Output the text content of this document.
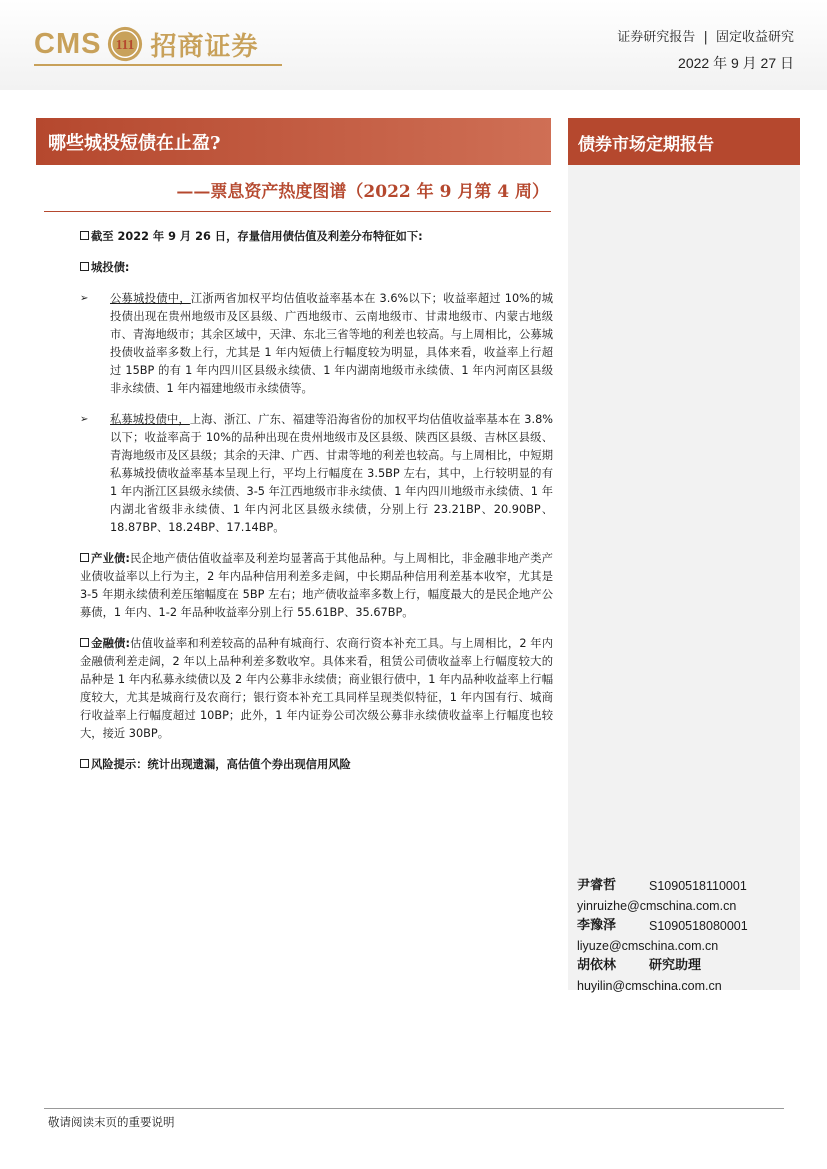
CMS 111 招商证券	证券研究报告 | 固定收益研究
2022 年 9 月 27 日
哪些城投短债在止盈?
——票息资产热度图谱（2022 年 9 月第 4 周）
债券市场定期报告

截至 2022 年 9 月 26 日，存量信用债估值及利差分布特征如下:

城投债:

➢ 公募城投债中，江浙两省加权平均估值收益率基本在 3.6%以下；收益率超过 10%的城投债出现在贵州地级市及区县级、广西地级市、云南地级市、甘肃地级市、内蒙古地级市、青海地级市；其余区域中，天津、东北三省等地的利差也较高。与上周相比，公募城投债收益率多数上行，尤其是 1 年内短债上行幅度较为明显，具体来看，收益率上行超过 15BP 的有 1 年内四川区县级永续债、1 年内湖南地级市永续债、1 年内河南区县级非永续债、1 年内福建地级市永续债等。
➢ 私募城投债中，上海、浙江、广东、福建等沿海省份的加权平均估值收益率基本在 3.8%以下；收益率高于 10%的品种出现在贵州地级市及区县级、陕西区县级、吉林区县级、青海地级市及区县级；其余的天津、广西、甘肃等地的利差也较高。与上周相比，中短期私募城投债收益率基本呈现上行，平均上行幅度在 3.5BP 左右，其中，上行较明显的有 1 年内浙江区县级永续债、3-5 年江西地级市非永续债、1 年内四川地级市永续债、1 年内湖北省级非永续债、1 年内河北区县级永续债，分别上行 23.21BP、20.90BP、18.87BP、18.24BP、17.14BP。

产业债:民企地产债估值收益率及利差均显著高于其他品种。与上周相比，非金融非地产类产业债收益率以上行为主，2 年内品种信用利差多走阔，中长期品种信用利差基本收窄，尤其是 3-5 年期永续债利差压缩幅度在 5BP 左右；地产债收益率多数上行，幅度最大的是民企地产公募债，1 年内、1-2 年品种收益率分别上行 55.61BP、35.67BP。

金融债:估值收益率和利差较高的品种有城商行、农商行资本补充工具。与上周相比，2 年内金融债利差走阔，2 年以上品种利差多数收窄。具体来看，租赁公司债收益率上行幅度较大的品种是 1 年内私募永续债以及 2 年内公募非永续债；商业银行债中，1 年内品种收益率上行幅度较大，尤其是城商行及农商行；银行资本补充工具同样呈现类似特征，1 年内国有行、城商行收益率上行幅度超过 10BP；此外，1 年内证券公司次级公募非永续债收益率上行幅度也较大，接近 30BP。

风险提示：统计出现遗漏，高估值个券出现信用风险

尹睿哲	S1090518110001
yinruizhe@cmschina.com.cn
李豫泽	S1090518080001
liyuze@cmschina.com.cn
胡依林	研究助理
huyilin@cmschina.com.cn
敬请阅读末页的重要说明
